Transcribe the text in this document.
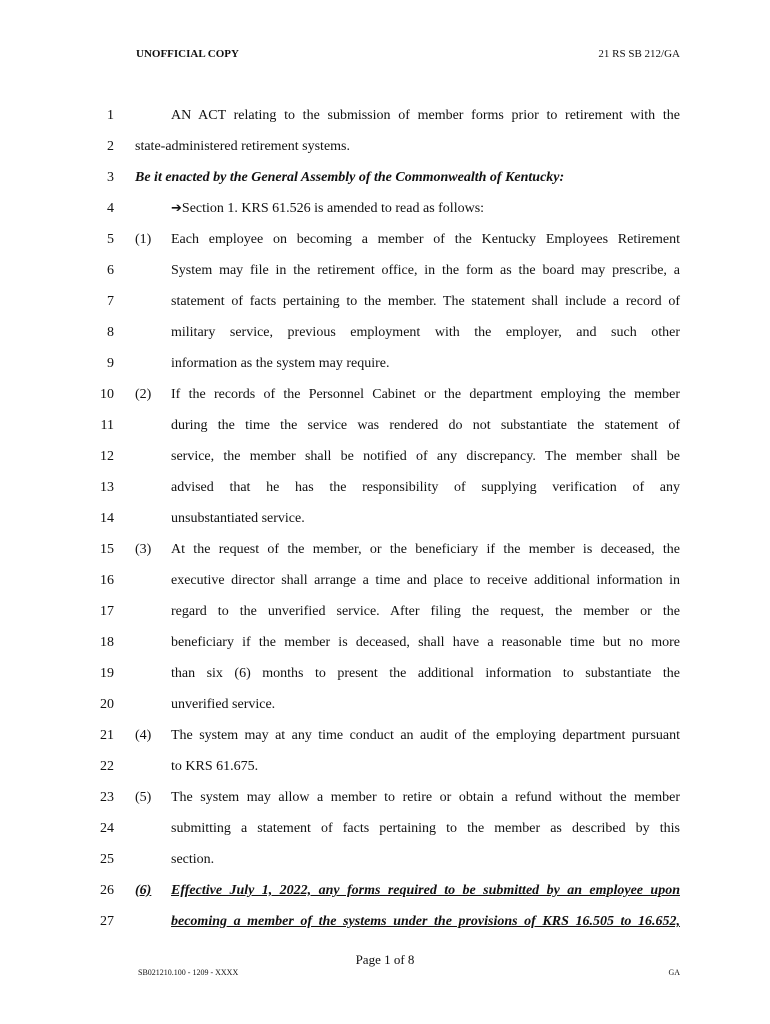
UNOFFICIAL COPY	21 RS SB 212/GA
1	AN ACT relating to the submission of member forms prior to retirement with the
2 state-administered retirement systems.
3 Be it enacted by the General Assembly of the Commonwealth of Kentucky:
4	➔Section 1. KRS 61.526 is amended to read as follows:
5 (1) Each employee on becoming a member of the Kentucky Employees Retirement
6	System may file in the retirement office, in the form as the board may prescribe, a
7	statement of facts pertaining to the member. The statement shall include a record of
8	military service, previous employment with the employer, and such other
9	information as the system may require.
10 (2) If the records of the Personnel Cabinet or the department employing the member
11	during the time the service was rendered do not substantiate the statement of
12	service, the member shall be notified of any discrepancy. The member shall be
13	advised that he has the responsibility of supplying verification of any
14	unsubstantiated service.
15 (3) At the request of the member, or the beneficiary if the member is deceased, the
16	executive director shall arrange a time and place to receive additional information in
17	regard to the unverified service. After filing the request, the member or the
18	beneficiary if the member is deceased, shall have a reasonable time but no more
19	than six (6) months to present the additional information to substantiate the
20	unverified service.
21 (4) The system may at any time conduct an audit of the employing department pursuant
22	to KRS 61.675.
23 (5) The system may allow a member to retire or obtain a refund without the member
24	submitting a statement of facts pertaining to the member as described by this
25	section.
26 (6) Effective July 1, 2022, any forms required to be submitted by an employee upon
27	becoming a member of the systems under the provisions of KRS 16.505 to 16.652,
Page 1 of 8
SB021210.100 - 1209 - XXXX	GA
